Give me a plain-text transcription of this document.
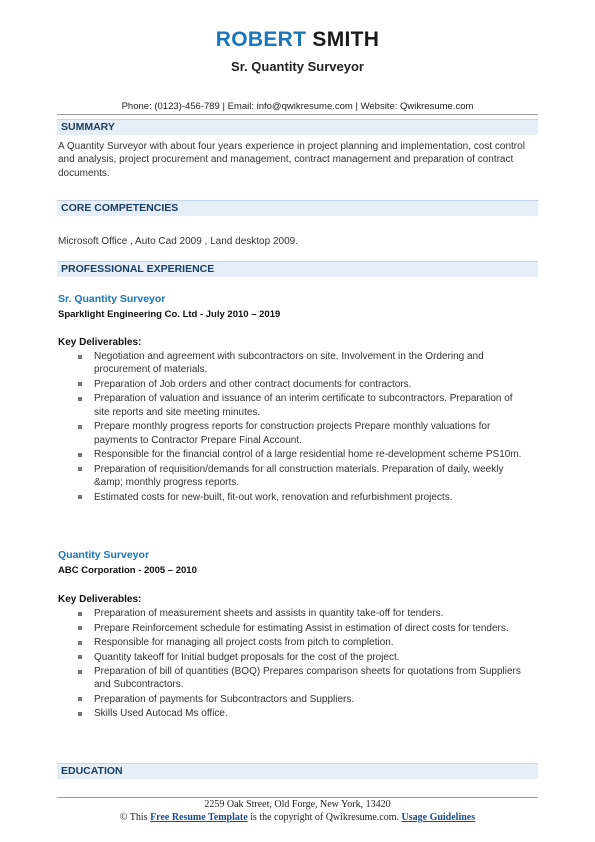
ROBERT SMITH
Sr. Quantity Surveyor
Phone: (0123)-456-789 | Email: info@qwikresume.com | Website: Qwikresume.com
SUMMARY
A Quantity Surveyor with about four years experience in project planning and implementation, cost control and analysis, project procurement and management, contract management and preparation of contract documents.
CORE COMPETENCIES
Microsoft Office , Auto Cad 2009 , Land desktop 2009.
PROFESSIONAL EXPERIENCE
Sr. Quantity Surveyor
Sparklight Engineering Co. Ltd - July 2010 – 2019
Key Deliverables:
Negotiation and agreement with subcontractors on site. Involvement in the Ordering and procurement of materials.
Preparation of Job orders and other contract documents for contractors.
Preparation of valuation and issuance of an interim certificate to subcontractors. Preparation of site reports and site meeting minutes.
Prepare monthly progress reports for construction projects Prepare monthly valuations for payments to Contractor Prepare Final Account.
Responsible for the financial control of a large residential home re-development scheme PS10m.
Preparation of requisition/demands for all construction materials. Preparation of daily, weekly &amp; monthly progress reports.
Estimated costs for new-built, fit-out work, renovation and refurbishment projects.
Quantity Surveyor
ABC Corporation - 2005 – 2010
Key Deliverables:
Preparation of measurement sheets and assists in quantity take-off for tenders.
Prepare Reinforcement schedule for estimating Assist in estimation of direct costs for tenders.
Responsible for managing all project costs from pitch to completion.
Quantity takeoff for Initial budget proposals for the cost of the project.
Preparation of bill of quantities (BOQ) Prepares comparison sheets for quotations from Suppliers and Subcontractors.
Preparation of payments for Subcontractors and Suppliers.
Skills Used Autocad Ms office.
EDUCATION
2259 Oak Street, Old Forge, New York, 13420
© This Free Resume Template is the copyright of Qwikresume.com. Usage Guidelines
